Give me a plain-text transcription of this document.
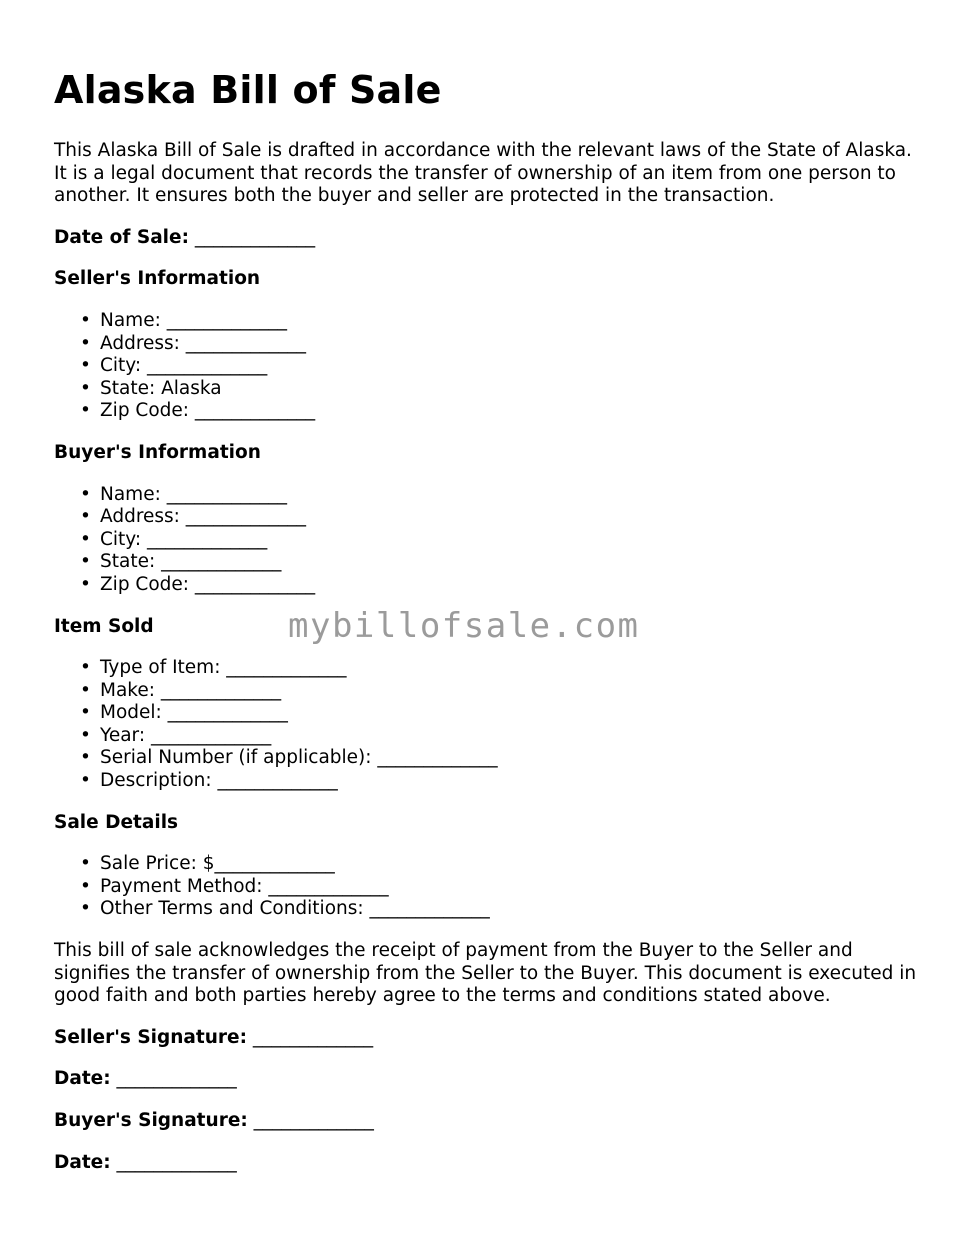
Alaska Bill of Sale

This Alaska Bill of Sale is drafted in accordance with the relevant laws of the State of Alaska. It is a legal document that records the transfer of ownership of an item from one person to another. It ensures both the buyer and seller are protected in the transaction.

Date of Sale: _____________
Seller's Information
• Name: _____________
• Address: _____________
• City: _____________
• State: Alaska
• Zip Code: _____________
Buyer's Information
• Name: _____________
• Address: _____________
• City: _____________
• State: _____________
• Zip Code: _____________
Item Sold
• Type of Item: _____________
• Make: _____________
• Model: _____________
• Year: _____________
• Serial Number (if applicable): _____________
• Description: _____________
Sale Details
• Sale Price: $_____________
• Payment Method: _____________
• Other Terms and Conditions: _____________

This bill of sale acknowledges the receipt of payment from the Buyer to the Seller and signifies the transfer of ownership from the Seller to the Buyer. This document is executed in good faith and both parties hereby agree to the terms and conditions stated above.

Seller's Signature: _____________
Date: _____________
Buyer's Signature: _____________
Date: _____________
mybillofsale.com
